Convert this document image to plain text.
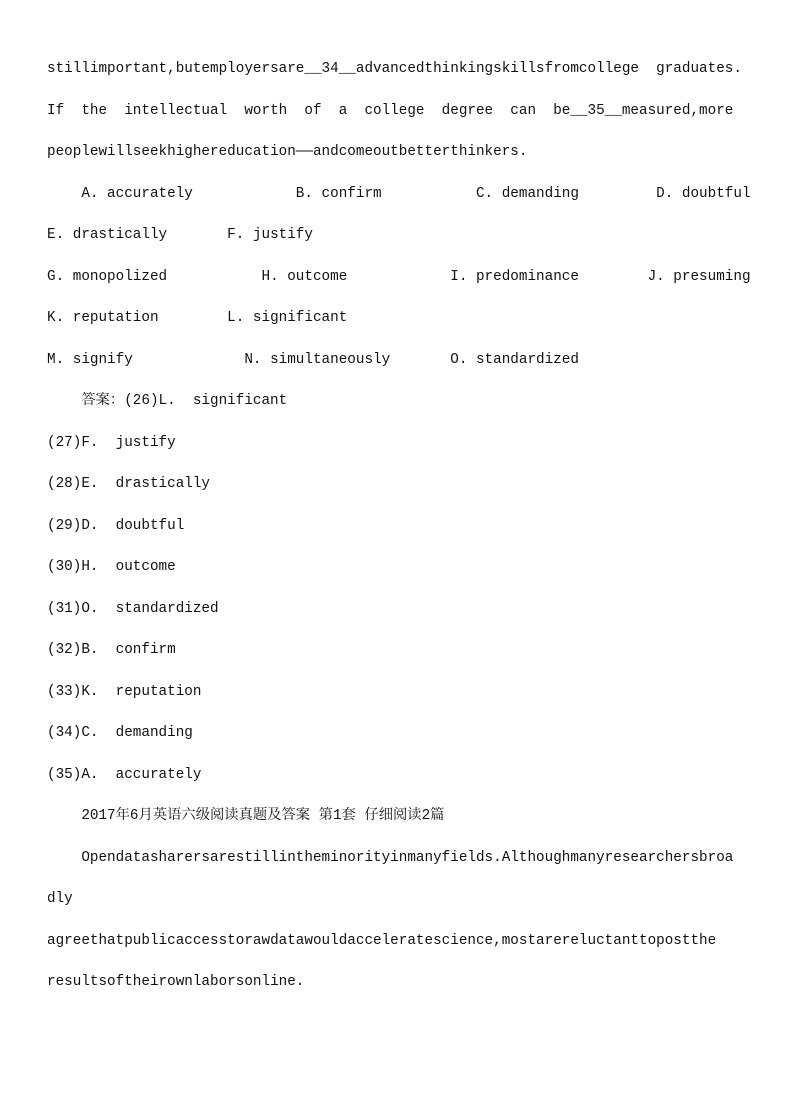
stillimportant,butemployersare__34__advancedthinkingskillsfromcollege  graduates.
If  the  intellectual  worth  of  a  college  degree  can  be__35__measured,more
peoplewillseekhighereducation——andcomeoutbetterthinkers.
A. accurately            B. confirm           C. demanding         D. doubtful
E. drastically       F. justify
G. monopolized           H. outcome            I. predominance        J. presuming
K. reputation        L. significant
M. signify             N. simultaneously       O. standardized
答案：(26)L.  significant
(27)F.  justify
(28)E.  drastically
(29)D.  doubtful
(30)H.  outcome
(31)O.  standardized
(32)B.  confirm
(33)K.  reputation
(34)C.  demanding
(35)A.  accurately
2017年6月英语六级阅读真题及答案 第1套 仔细阅读2篇
Opendatasharersarestillintheminorityinmanyfields.Althoughmanyresearchersbroa
dly
agreethatpublicaccesstorawdatawouldacceleratescience,mostarereluctanttopostthe
resultsoftheirownlaborsonline.
